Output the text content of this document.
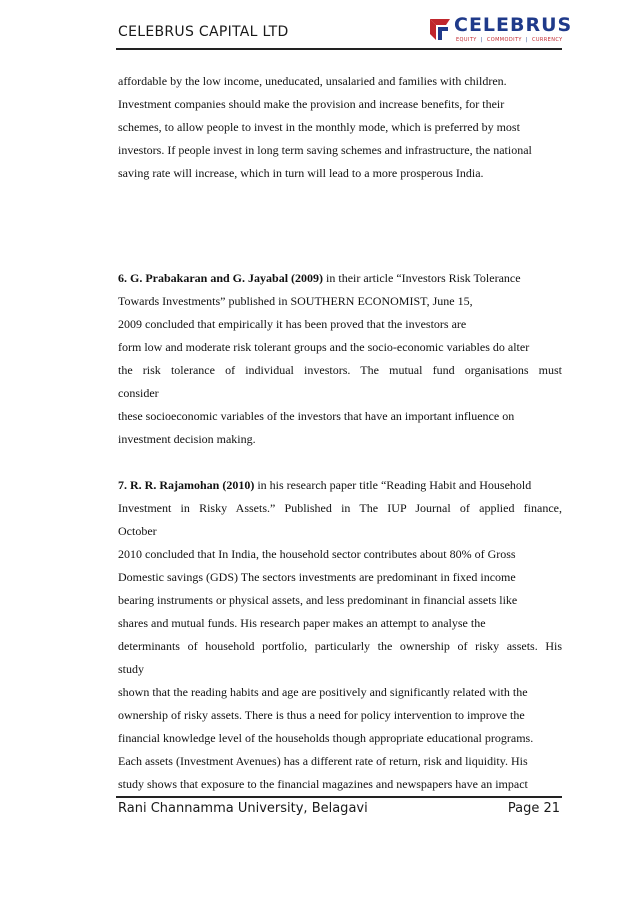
CELEBRUS CAPITAL LTD	CELEBRUS
EQUITY | COMMODITY | CURRENCY
affordable by the low income, uneducated, unsalaried and families with children.
Investment companies should make the provision and increase benefits, for their
schemes, to allow people to invest in the monthly mode, which is preferred by most
investors. If people invest in long term saving schemes and infrastructure, the national
saving rate will increase, which in turn will lead to a more prosperous India.
6. G. Prabakaran and G. Jayabal (2009) in their article “Investors Risk Tolerance
Towards Investments” published in SOUTHERN ECONOMIST, June 15,
2009 concluded that empirically it has been proved that the investors are
form low and moderate risk tolerant groups and the socio-economic variables do alter
the risk tolerance of individual investors. The mutual fund organisations must
consider
these socioeconomic variables of the investors that have an important influence on
investment decision making.
7. R. R. Rajamohan (2010) in his research paper title “Reading Habit and Household
Investment in Risky Assets.” Published in The IUP Journal of applied finance,
October
2010 concluded that In India, the household sector contributes about 80% of Gross
Domestic savings (GDS) The sectors investments are predominant in fixed income
bearing instruments or physical assets, and less predominant in financial assets like
shares and mutual funds. His research paper makes an attempt to analyse the
determinants of household portfolio, particularly the ownership of risky assets. His
study
shown that the reading habits and age are positively and significantly related with the
ownership of risky assets. There is thus a need for policy intervention to improve the
financial knowledge level of the households though appropriate educational programs.
Each assets (Investment Avenues) has a different rate of return, risk and liquidity. His
study shows that exposure to the financial magazines and newspapers have an impact
Rani Channamma University, Belagavi	Page 21
